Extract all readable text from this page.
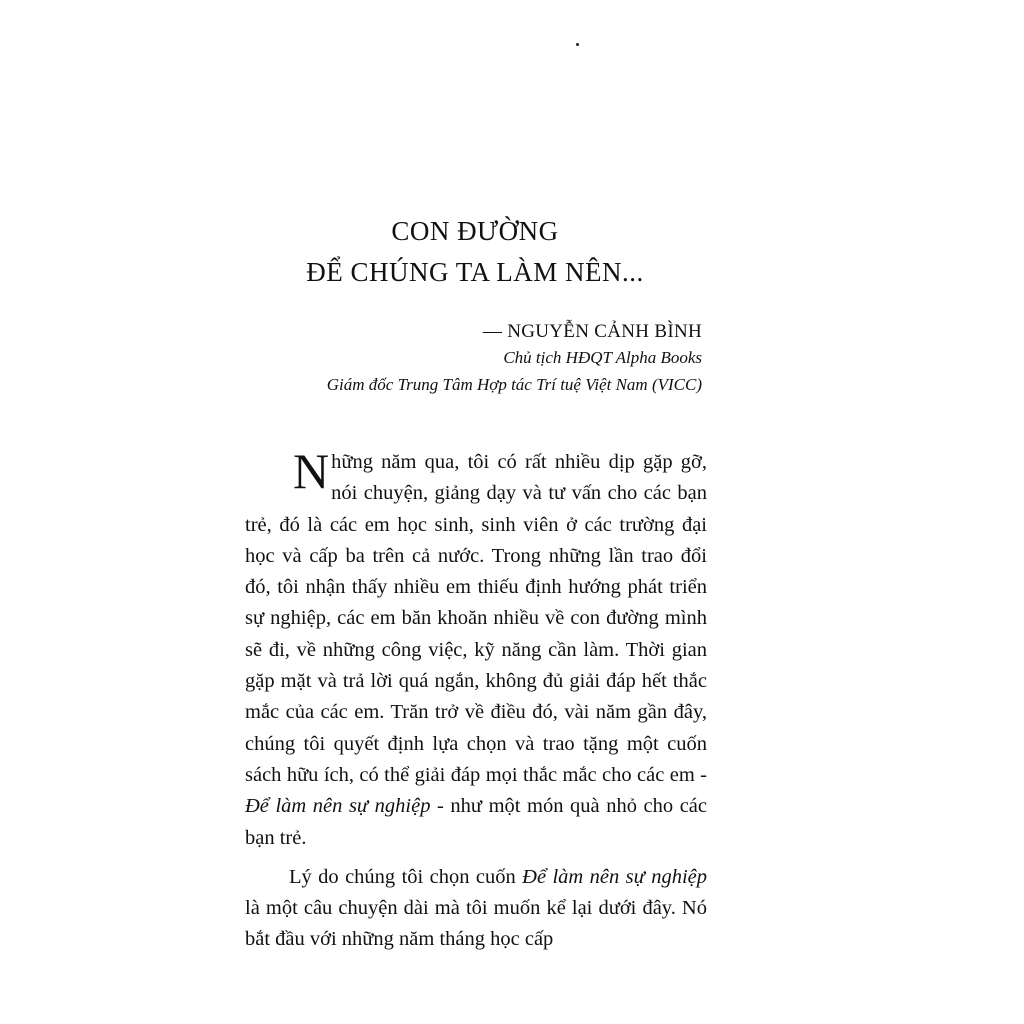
CON ĐƯỜNG
ĐỂ CHÚNG TA LÀM NÊN...
— NGUYỄN CẢNH BÌNH
Chủ tịch HĐQT Alpha Books
Giám đốc Trung Tâm Hợp tác Trí tuệ Việt Nam (VICC)

Những năm qua, tôi có rất nhiều dịp gặp gỡ, nói chuyện, giảng dạy và tư vấn cho các bạn trẻ, đó là các em học sinh, sinh viên ở các trường đại học và cấp ba trên cả nước. Trong những lần trao đổi đó, tôi nhận thấy nhiều em thiếu định hướng phát triển sự nghiệp, các em băn khoăn nhiều về con đường mình sẽ đi, về những công việc, kỹ năng cần làm. Thời gian gặp mặt và trả lời quá ngắn, không đủ giải đáp hết thắc mắc của các em. Trăn trở về điều đó, vài năm gần đây, chúng tôi quyết định lựa chọn và trao tặng một cuốn sách hữu ích, có thể giải đáp mọi thắc mắc cho các em - Để làm nên sự nghiệp - như một món quà nhỏ cho các bạn trẻ.

Lý do chúng tôi chọn cuốn Để làm nên sự nghiệp là một câu chuyện dài mà tôi muốn kể lại dưới đây. Nó bắt đầu với những năm tháng học cấp
